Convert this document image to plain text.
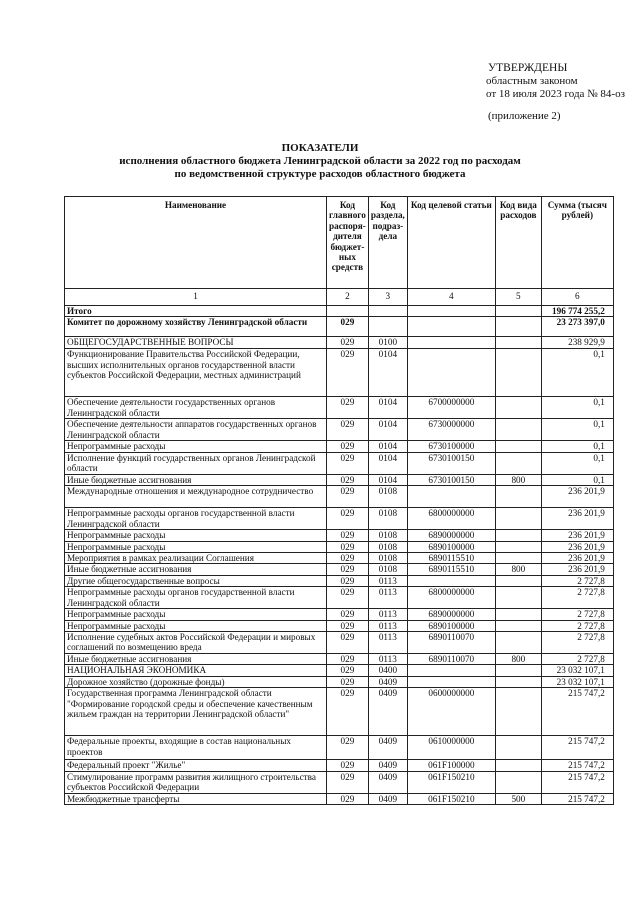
УТВЕРЖДЕНЫ
областным законом
от 18 июля 2023 года № 84-оз
(приложение 2)
ПОКАЗАТЕЛИ
исполнения областного бюджета Ленинградской области за 2022 год по расходам
по ведомственной структуре расходов областного бюджета
Наименование	Код главного распоря-дителя бюджет-ных средств	Код раздела, подраз-дела	Код целевой статьи	Код вида расходов	Сумма (тысяч рублей)
1	2	3	4	5	6
Итого					196 774 255,2
Комитет по дорожному хозяйству Ленинградской области	029				23 273 397,0
ОБЩЕГОСУДАРСТВЕННЫЕ ВОПРОСЫ	029	0100			238 929,9
Функционирование Правительства Российской Федерации, высших исполнительных органов государственной власти субъектов Российской Федерации, местных администраций	029	0104			0,1
Обеспечение деятельности государственных органов Ленинградской области	029	0104	6700000000		0,1
Обеспечение деятельности аппаратов государственных органов Ленинградской области	029	0104	6730000000		0,1
Непрограммные расходы	029	0104	6730100000		0,1
Исполнение функций государственных органов Ленинградской области	029	0104	6730100150		0,1
Иные бюджетные ассигнования	029	0104	6730100150	800	0,1
Международные отношения и международное сотрудничество	029	0108			236 201,9
Непрограммные расходы органов государственной власти Ленинградской области	029	0108	6800000000		236 201,9
Непрограммные расходы	029	0108	6890000000		236 201,9
Непрограммные расходы	029	0108	6890100000		236 201,9
Мероприятия в рамках реализации Соглашения	029	0108	6890115510		236 201,9
Иные бюджетные ассигнования	029	0108	6890115510	800	236 201,9
Другие общегосударственные вопросы	029	0113			2 727,8
Непрограммные расходы органов государственной власти Ленинградской области	029	0113	6800000000		2 727,8
Непрограммные расходы	029	0113	6890000000		2 727,8
Непрограммные расходы	029	0113	6890100000		2 727,8
Исполнение судебных актов Российской Федерации и мировых соглашений по возмещению вреда	029	0113	6890110070		2 727,8
Иные бюджетные ассигнования	029	0113	6890110070	800	2 727,8
НАЦИОНАЛЬНАЯ ЭКОНОМИКА	029	0400			23 032 107,1
Дорожное хозяйство (дорожные фонды)	029	0409			23 032 107,1
Государственная программа Ленинградской области "Формирование городской среды и обеспечение качественным жильем граждан на территории Ленинградской области"	029	0409	0600000000		215 747,2
Федеральные проекты, входящие в состав национальных проектов	029	0409	0610000000		215 747,2
Федеральный проект "Жилье"	029	0409	061F100000		215 747,2
Стимулирование программ развития жилищного строительства субъектов Российской Федерации	029	0409	061F150210		215 747,2
Межбюджетные трансферты	029	0409	061F150210	500	215 747,2
